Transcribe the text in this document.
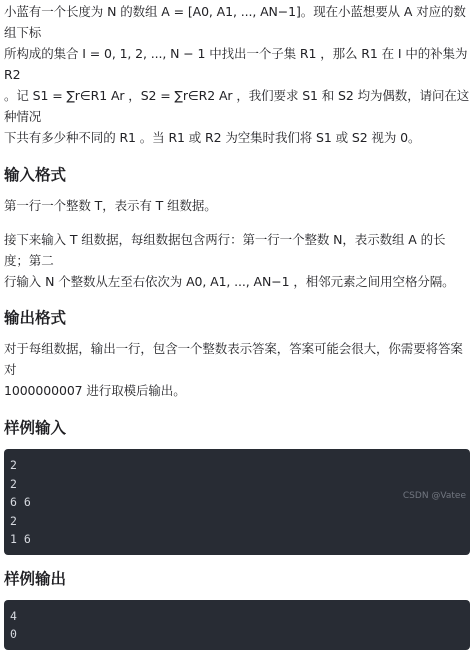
小蓝有一个长度为 N 的数组 A = [A0, A1, ..., AN−1]。现在小蓝想要从 A 对应的数组下标
所构成的集合 I = 0, 1, 2, ..., N − 1 中找出一个子集 R1 ，那么 R1 在 I 中的补集为 R2
。记 S1 = ∑r∈R1 Ar ，S2 = ∑r∈R2 Ar ，我们要求 S1 和 S2 均为偶数，请问在这种情况
下共有多少种不同的 R1 。当 R1 或 R2 为空集时我们将 S1 或 S2 视为 0。
输入格式
第一行一个整数 T，表示有 T 组数据。
接下来输入 T 组数据，每组数据包含两行：第一行一个整数 N，表示数组 A 的长度；第二
行输入 N 个整数从左至右依次为 A0, A1, ..., AN−1 ，相邻元素之间用空格分隔。
输出格式
对于每组数据，输出一行，包含一个整数表示答案，答案可能会很大，你需要将答案对
1000000007 进行取模后输出。
样例输入
2
2
6 6
2
1 6
样例输出
4
0
CSDN @Vatee
